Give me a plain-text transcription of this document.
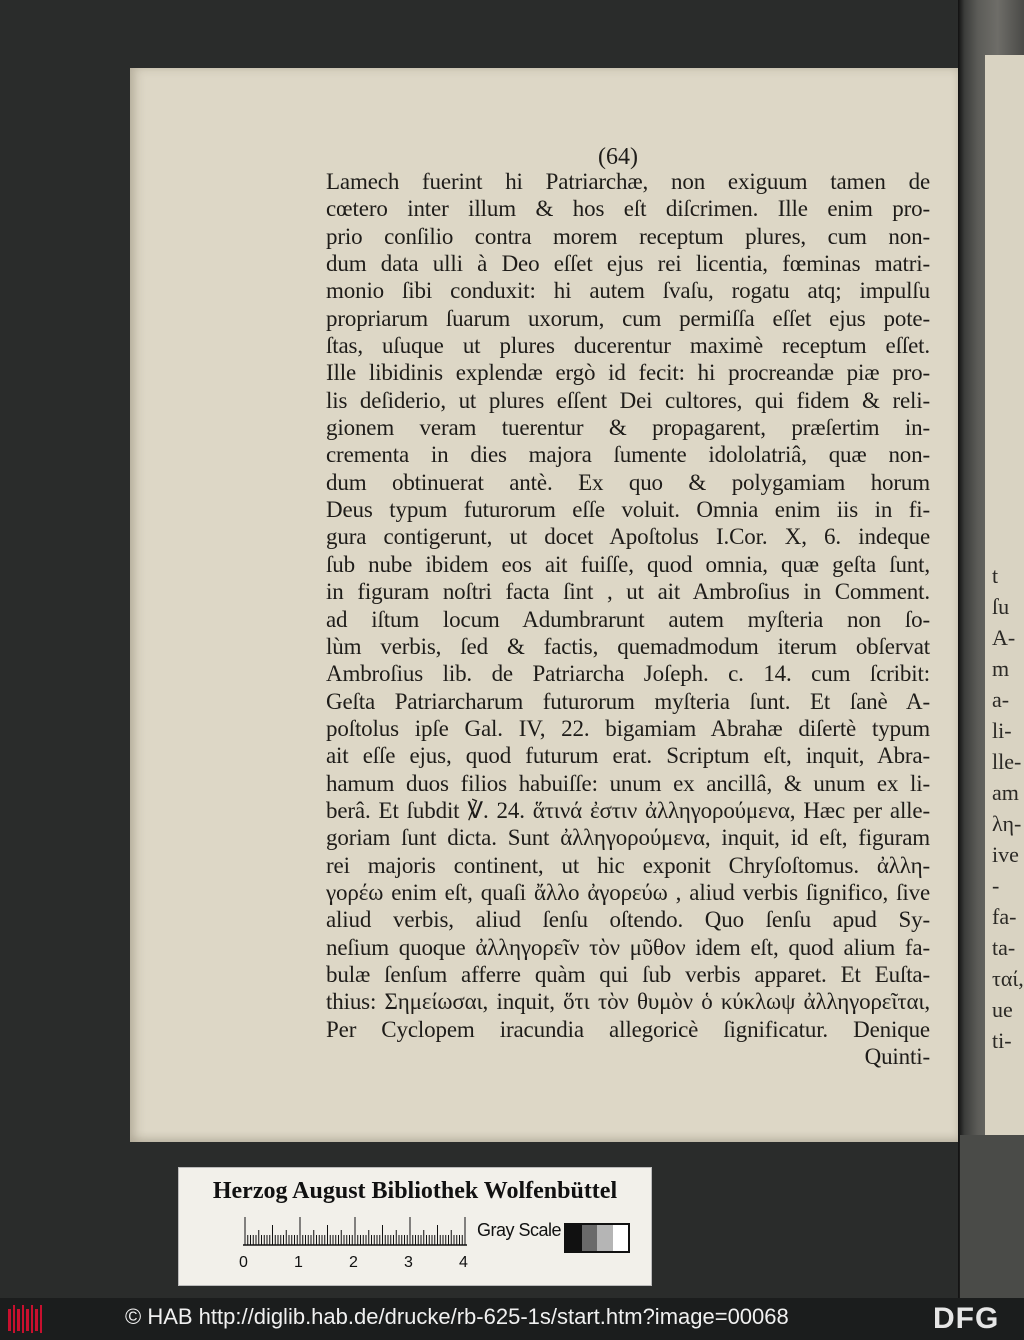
t
ſu
A-
m
a-
li-
lle-
am
λη-
ive
-
fa-
ta-
ταί,
ue
ti-
(64)
Lamech fuerint hi Patriarchæ, non exiguum tamen de
cœtero inter illum & hos eſt diſcrimen. Ille enim pro-
prio conſilio contra morem receptum plures, cum non-
dum data ulli à Deo eſſet ejus rei licentia, fœminas matri-
monio ſibi conduxit: hi autem ſvaſu, rogatu atq; impulſu
propriarum ſuarum uxorum, cum permiſſa eſſet ejus pote-
ſtas, uſuque ut plures ducerentur maximè receptum eſſet.
Ille libidinis explendæ ergò id fecit: hi procreandæ piæ pro-
lis deſiderio, ut plures eſſent Dei cultores, qui fidem & reli-
gionem veram tuerentur & propagarent, præſertim in-
crementa in dies majora ſumente idololatriâ, quæ non-
dum obtinuerat antè. Ex quo & polygamiam horum
Deus typum futurorum eſſe voluit. Omnia enim iis in fi-
gura contigerunt, ut docet Apoſtolus I.Cor. X, 6. indeque
ſub nube ibidem eos ait fuiſſe, quod omnia, quæ geſta ſunt,
in figuram noſtri facta ſint , ut ait Ambroſius in Comment.
ad iſtum locum Adumbrarunt autem myſteria non ſo-
lùm verbis, ſed & factis, quemadmodum iterum obſervat
Ambroſius lib. de Patriarcha Joſeph. c. 14. cum ſcribit:
Geſta Patriarcharum futurorum myſteria ſunt. Et ſanè A-
poſtolus ipſe Gal. IV, 22. bigamiam Abrahæ diſertè typum
ait eſſe ejus, quod futurum erat. Scriptum eſt, inquit, Abra-
hamum duos filios habuiſſe: unum ex ancillâ, & unum ex li-
berâ. Et ſubdit ℣. 24. ἅτινά ἐστιν ἀλληγορούμενα, Hæc per alle-
goriam ſunt dicta. Sunt ἀλληγορούμενα, inquit, id eſt, figuram
rei majoris continent, ut hic exponit Chryſoſtomus. ἀλλη-
γορέω enim eſt, quaſi ἄλλο ἀγορεύω , aliud verbis ſignifico, ſive
aliud verbis, aliud ſenſu oſtendo. Quo ſenſu apud Sy-
neſium quoque ἀλληγορεῖν τὸν μῦθον idem eſt, quod alium fa-
bulæ ſenſum afferre quàm qui ſub verbis apparet. Et Euſta-
thius: Σημείωσαι, inquit, ὅτι τὸν θυμὸν ὁ κύκλωψ ἀλληγορεῖται,
Per Cyclopem iracundia allegoricè ſignificatur. Denique
Quinti-
Herzog August Bibliothek Wolfenbüttel
0	1	2	3	4
Gray Scale
© HAB http://diglib.hab.de/drucke/rb-625-1s/start.htm?image=00068	DFG
